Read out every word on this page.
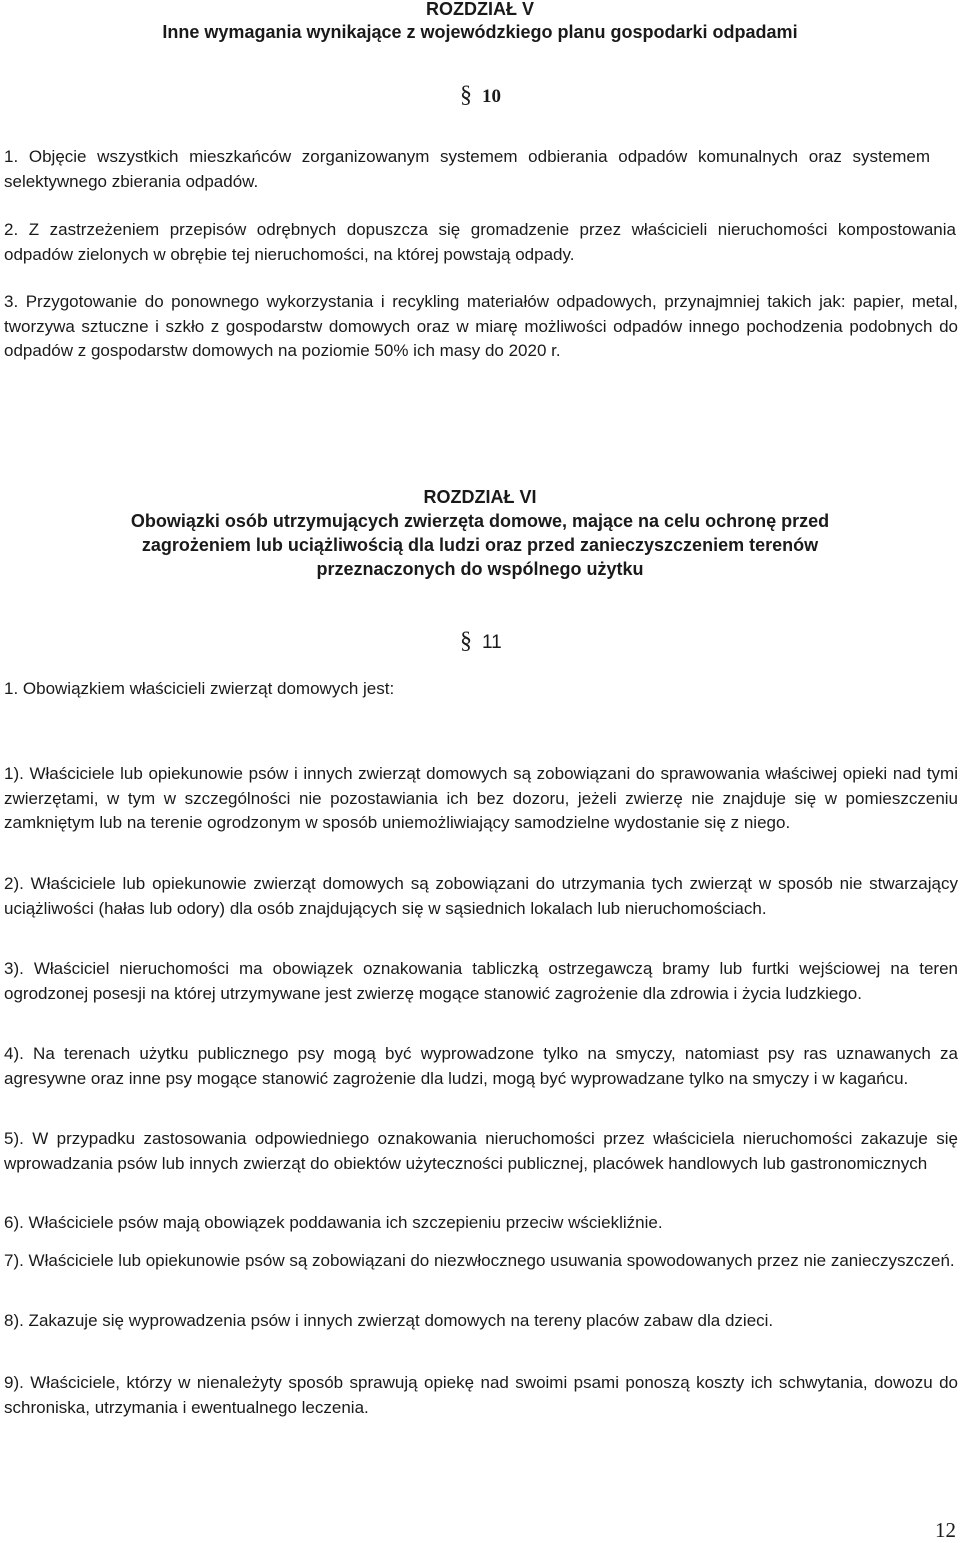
ROZDZIAŁ V
Inne wymagania wynikające z wojewódzkiego planu gospodarki odpadami
§ 10
1. Objęcie wszystkich mieszkańców zorganizowanym systemem odbierania odpadów komunalnych oraz systemem selektywnego zbierania odpadów.
2. Z zastrzeżeniem przepisów odrębnych dopuszcza się gromadzenie przez właścicieli nieruchomości kompostowania odpadów zielonych w obrębie tej nieruchomości, na której powstają odpady.
3. Przygotowanie do ponownego wykorzystania i recykling materiałów odpadowych, przynajmniej takich jak: papier, metal, tworzywa sztuczne i szkło z gospodarstw domowych oraz w miarę możliwości odpadów innego pochodzenia podobnych do odpadów z gospodarstw domowych na poziomie 50% ich masy do 2020 r.
ROZDZIAŁ VI
Obowiązki osób utrzymujących zwierzęta domowe, mające na celu ochronę przed
zagrożeniem lub uciążliwością dla ludzi oraz przed zanieczyszczeniem terenów
przeznaczonych do wspólnego użytku
§ 11
1. Obowiązkiem właścicieli zwierząt domowych jest:
1). Właściciele lub opiekunowie psów i innych zwierząt domowych są zobowiązani do sprawowania właściwej opieki nad tymi zwierzętami, w tym w szczególności nie pozostawiania ich bez dozoru, jeżeli zwierzę nie znajduje się w pomieszczeniu zamkniętym lub na terenie ogrodzonym w sposób uniemożliwiający samodzielne wydostanie się z niego.
2). Właściciele lub opiekunowie zwierząt domowych są zobowiązani do utrzymania tych zwierząt w sposób nie stwarzający uciążliwości (hałas lub odory) dla osób znajdujących się w sąsiednich lokalach lub nieruchomościach.
3). Właściciel nieruchomości ma obowiązek oznakowania tabliczką ostrzegawczą bramy lub furtki wejściowej na teren ogrodzonej posesji na której utrzymywane jest zwierzę mogące stanowić zagrożenie dla zdrowia i życia ludzkiego.
4). Na terenach użytku publicznego psy mogą być wyprowadzone tylko na smyczy, natomiast psy ras uznawanych za agresywne oraz inne psy mogące stanowić zagrożenie dla ludzi, mogą być wyprowadzane tylko na smyczy i w kagańcu.
5). W przypadku zastosowania odpowiedniego oznakowania nieruchomości przez właściciela nieruchomości zakazuje się wprowadzania psów lub innych zwierząt do obiektów użyteczności publicznej, placówek handlowych lub gastronomicznych
6). Właściciele psów mają obowiązek poddawania ich szczepieniu przeciw wściekliźnie.
7). Właściciele lub opiekunowie psów są zobowiązani do niezwłocznego usuwania spowodowanych przez nie zanieczyszczeń.
8). Zakazuje się wyprowadzenia psów i innych zwierząt domowych na tereny placów zabaw dla dzieci.
9). Właściciele, którzy w nienależyty sposób sprawują opiekę nad swoimi psami ponoszą koszty ich schwytania, dowozu do schroniska, utrzymania i ewentualnego leczenia.
12
